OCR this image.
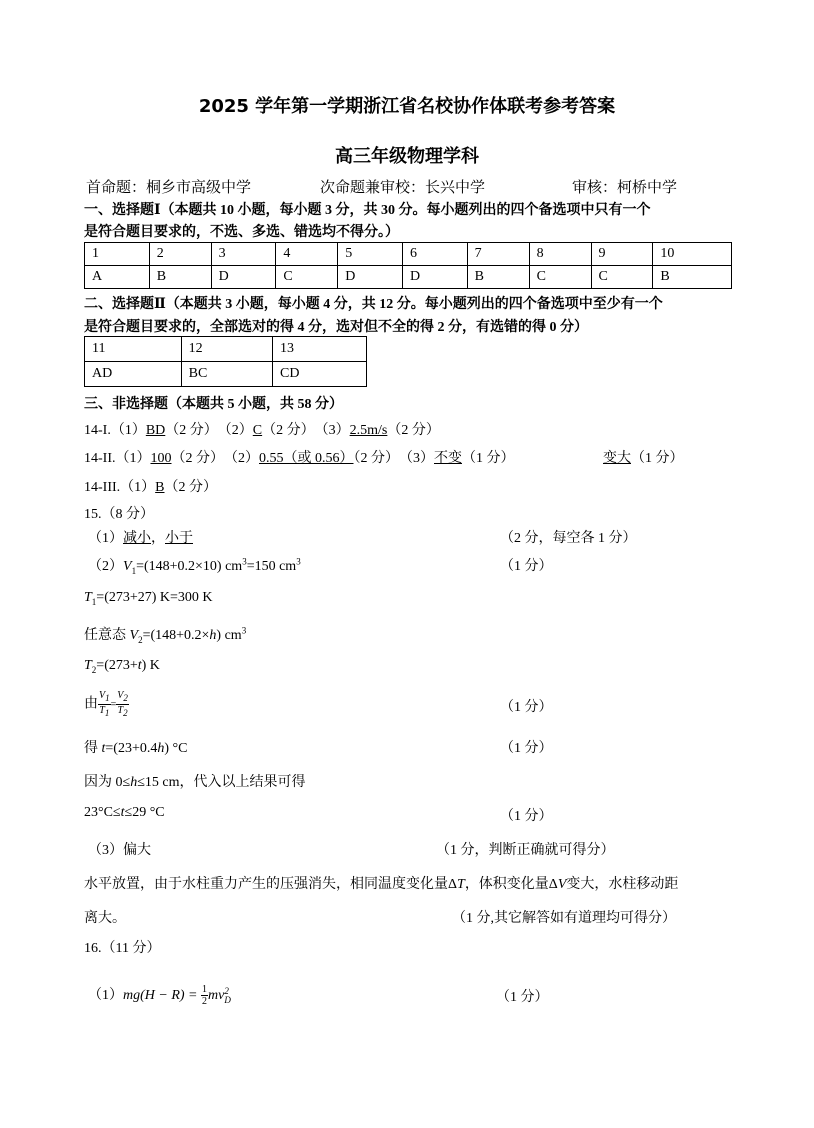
2025 学年第一学期浙江省名校协作体联考参考答案
高三年级物理学科
首命题：桐乡市高级中学	次命题兼审校：长兴中学	审核：柯桥中学
一、选择题Ⅰ（本题共 10 小题，每小题 3 分，共 30 分。每小题列出的四个备选项中只有一个
是符合题目要求的，不选、多选、错选均不得分。）
1	2	3	4	5	6	7	8	9	10
A	B	D	C	D	D	B	C	C	B
二、选择题Ⅱ（本题共 3 小题，每小题 4 分，共 12 分。每小题列出的四个备选项中至少有一个
是符合题目要求的，全部选对的得 4 分，选对但不全的得 2 分，有选错的得 0 分）
11	12	13
AD	BC	CD
三、非选择题（本题共 5 小题，共 58 分）
14-I.（1）BD（2 分）　（2）C（2 分）　（3）2.5m/s（2 分）
14-II.（1）100（2 分）　（2）0.55（或 0.56）（2 分）　（3）不变（1 分）	变大（1 分）
14-III.（1）B（2 分）
15.（8 分）
（1）减小，小于	（2 分，每空各 1 分）
$(2)V_1=(148+0.2\times 10)$ $cm^3=150$ $cm^3$	（1 分）
$T_1=(273+27)$ K=300 K
任意态 $V_2=(148+0.2\times h)$ $cm^3$
$T_2=(273+t)$ K
由 $\frac{V_1}{T_1} = \frac{V_2}{T_2}$	（1 分）
得 t=(23+0.4h) °C	（1 分）
因为 0≤h≤15 cm，代入以上结果可得
23°C≤t≤29 °C	（1 分）
（3）偏大	（1 分，判断正确就可得分）
水平放置，由于水柱重力产生的压强消失，相同温度变化量ΔT，体积变化量ΔV变大，水柱移动距
离大。	（1 分,其它解答如有道理均可得分）
16.（11 分）
$(1)mg(H - R) = \frac{1}{2}$ mv 2
D	（1 分）
